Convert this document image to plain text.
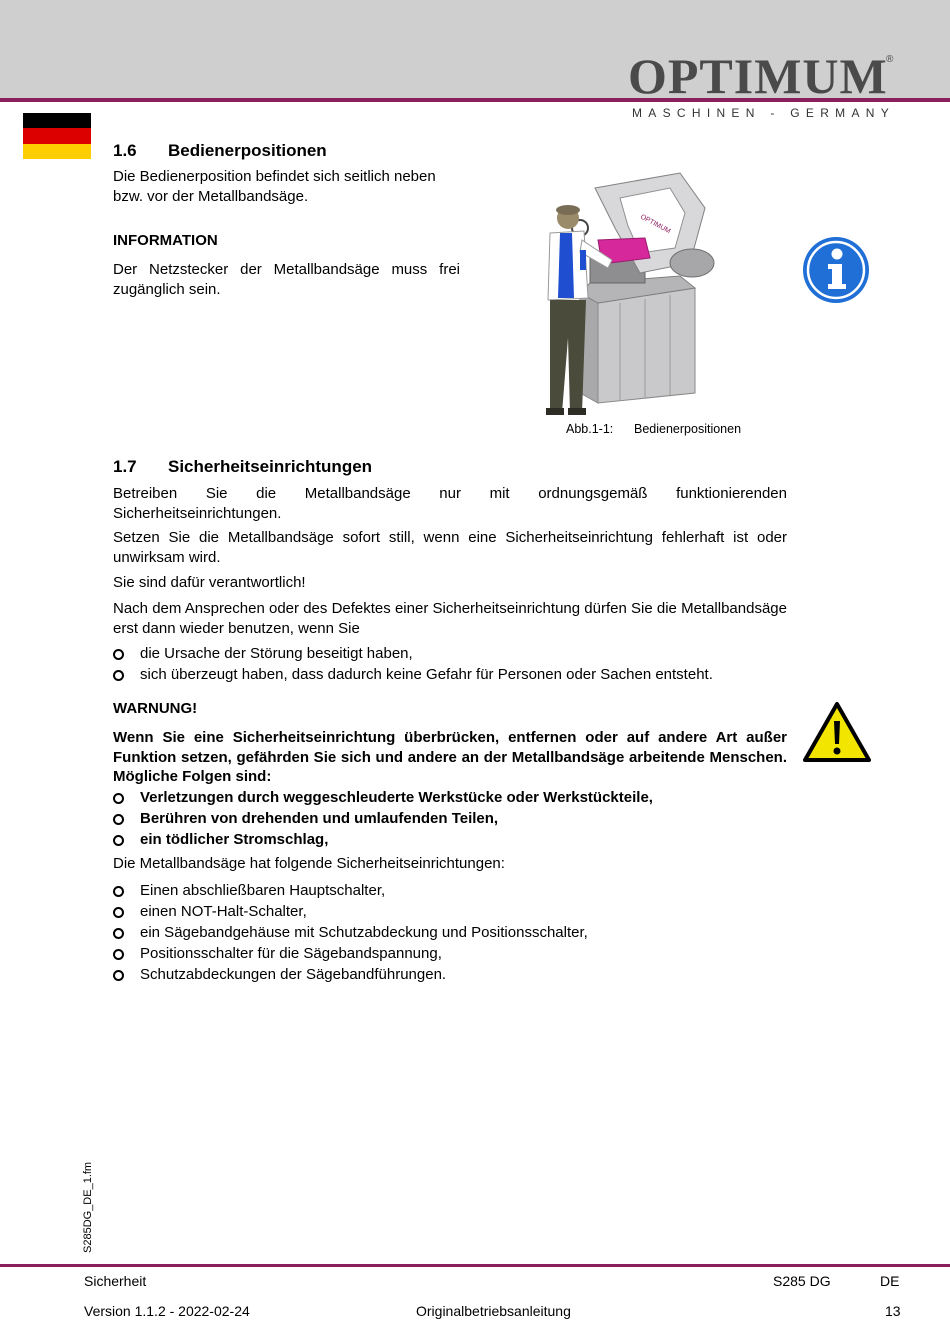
OPTIMUM
®
MASCHINEN - GERMANY
1.6 Bedienerpositionen
Die Bedienerposition befindet sich seitlich neben bzw. vor der Metallbandsäge.
INFORMATION
Der Netzstecker der Metallbandsäge muss frei zugänglich sein.
OPTIMUM
Abb.1-1: Bedienerpositionen
1.7 Sicherheitseinrichtungen
Betreiben Sie die Metallbandsäge nur mit ordnungsgemäß funktionierenden Sicherheitseinrichtungen.
Setzen Sie die Metallbandsäge sofort still, wenn eine Sicherheitseinrichtung fehlerhaft ist oder unwirksam wird.
Sie sind dafür verantwortlich!
Nach dem Ansprechen oder des Defektes einer Sicherheitseinrichtung dürfen Sie die Metallbandsäge erst dann wieder benutzen, wenn Sie
die Ursache der Störung beseitigt haben,
sich überzeugt haben, dass dadurch keine Gefahr für Personen oder Sachen entsteht.
WARNUNG!
Wenn Sie eine Sicherheitseinrichtung überbrücken, entfernen oder auf andere Art außer Funktion setzen, gefährden Sie sich und andere an der Metallbandsäge arbeitende Menschen. Mögliche Folgen sind:
Verletzungen durch weggeschleuderte Werkstücke oder Werkstückteile,
Berühren von drehenden und umlaufenden Teilen,
ein tödlicher Stromschlag,
Die Metallbandsäge hat folgende Sicherheitseinrichtungen:
Einen abschließbaren Hauptschalter,
einen NOT-Halt-Schalter,
ein Sägebandgehäuse mit Schutzabdeckung und Positionsschalter,
Positionsschalter für die Sägebandspannung,
Schutzabdeckungen der Sägebandführungen.
S285DG_DE_1.fm
Sicherheit	S285 DG	DE
Version 1.1.2 - 2022-02-24	Originalbetriebsanleitung	13
